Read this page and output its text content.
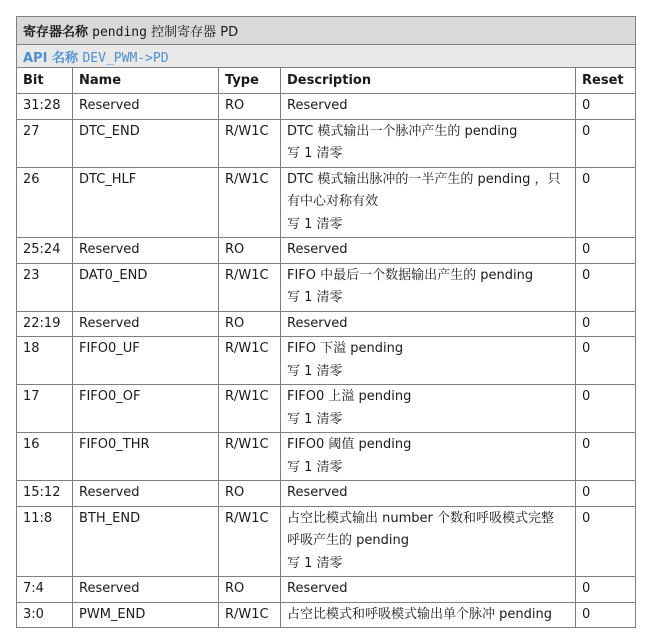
寄存器名称 pending 控制寄存器 PD				
API 名称 DEV_PWM->PD				
Bit	Name	Type	Description	Reset

31:28	Reserved	RO	Reserved	0

27	DTC_END	R/W1C	DTC 模式输出一个脉冲产生的 pending
写 1 清零	0

26	DTC_HLF	R/W1C	DTC 模式输出脉冲的一半产生的 pending ，只
有中心对称有效
写 1 清零	0

25:24	Reserved	RO	Reserved	0

23	DAT0_END	R/W1C	FIFO 中最后一个数据输出产生的 pending
写 1 清零	0

22:19	Reserved	RO	Reserved	0

18	FIFO0_UF	R/W1C	FIFO 下溢 pending
写 1 清零	0

17	FIFO0_OF	R/W1C	FIFO0 上溢 pending
写 1 清零	0

16	FIFO0_THR	R/W1C	FIFO0 阈值 pending
写 1 清零	0

15:12	Reserved	RO	Reserved	0

11:8	BTH_END	R/W1C	占空比模式输出 number 个数和呼吸模式完整
呼吸产生的 pending
写 1 清零	0

7:4	Reserved	RO	Reserved	0

3:0	PWM_END	R/W1C	占空比模式和呼吸模式输出单个脉冲 pending	0
